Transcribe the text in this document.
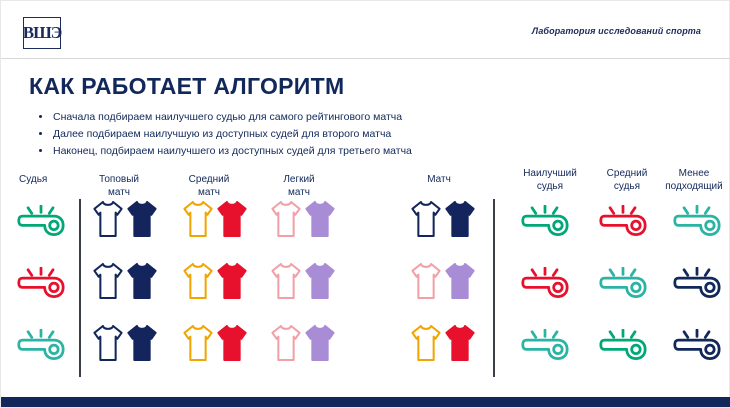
ВШЭ	Лаборатория исследований спорта
КАК РАБОТАЕТ АЛГОРИТМ
Сначала подбираем наилучшего судью для самого рейтингового матча
Далее подбираем наилучшую из доступных судей для второго матча
Наконец, подбираем наилучшего из доступных судей для третьего матча
Судья	Топовый
матч
Средний
матч
Легкий
матч
Матч
Наилучший
судья
Средний
судья
Менее
подходящий
